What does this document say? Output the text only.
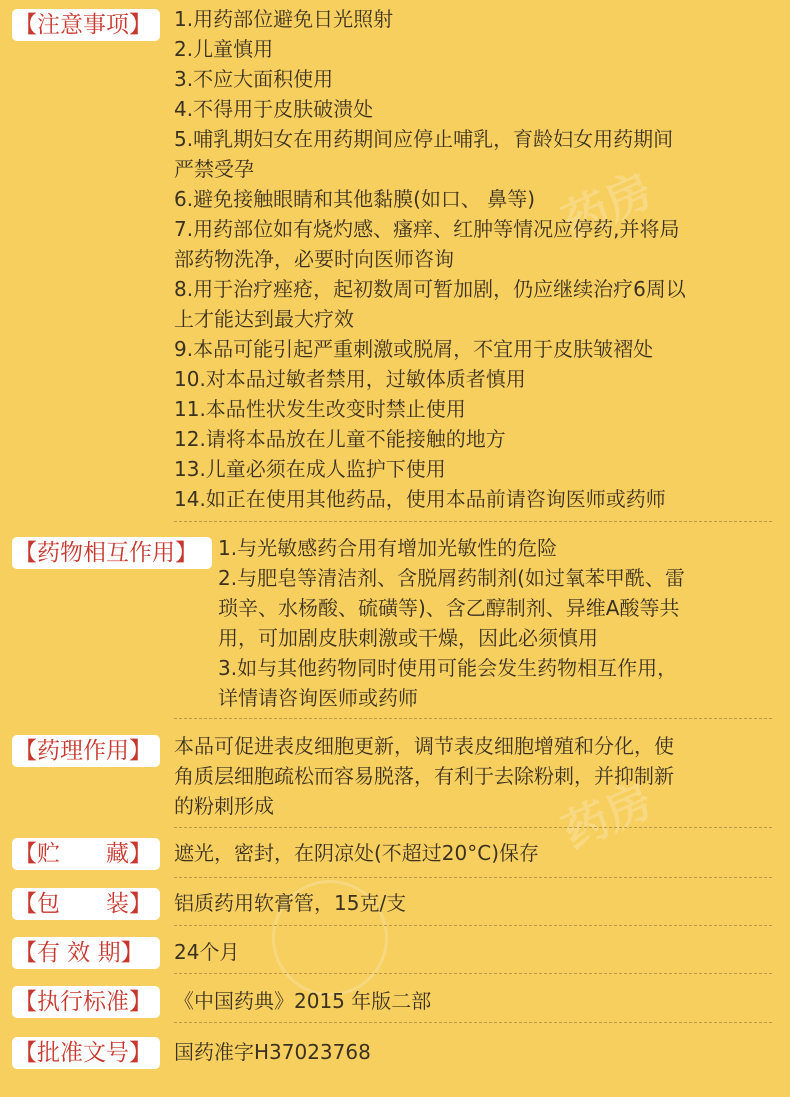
药房
药房
【注意事项】	1.用药部位避免日光照射
2.儿童慎用
3.不应大面积使用
4.不得用于皮肤破溃处
5.哺乳期妇女在用药期间应停止哺乳，育龄妇女用药期间
严禁受孕
6.避免接触眼睛和其他黏膜(如口、 鼻等)
7.用药部位如有烧灼感、瘙痒、红肿等情况应停药,并将局
部药物洗净，必要时向医师咨询
8.用于治疗痤疮，起初数周可暂加剧，仍应继续治疗6周以
上才能达到最大疗效
9.本品可能引起严重刺激或脱屑，不宜用于皮肤皱褶处
10.对本品过敏者禁用，过敏体质者慎用
11.本品性状发生改变时禁止使用
12.请将本品放在儿童不能接触的地方
13.儿童必须在成人监护下使用
14.如正在使用其他药品，使用本品前请咨询医师或药师
【药物相互作用】	1.与光敏感药合用有增加光敏性的危险
2.与肥皂等清洁剂、含脱屑药制剂(如过氧苯甲酰、雷
琐辛、水杨酸、硫磺等)、含乙醇制剂、异维A酸等共
用，可加剧皮肤刺激或干燥，因此必须慎用
3.如与其他药物同时使用可能会发生药物相互作用，
详情请咨询医师或药师
【药理作用】	本品可促进表皮细胞更新，调节表皮细胞增殖和分化，使
角质层细胞疏松而容易脱落，有利于去除粉刺，并抑制新
的粉刺形成
【贮　　藏】	遮光，密封，在阴凉处(不超过20°C)保存
【包　　装】	铝质药用软膏管，15克/支
【有 效 期】	24个月
【执行标准】	《中国药典》2015 年版二部
【批准文号】	国药准字H37023768
